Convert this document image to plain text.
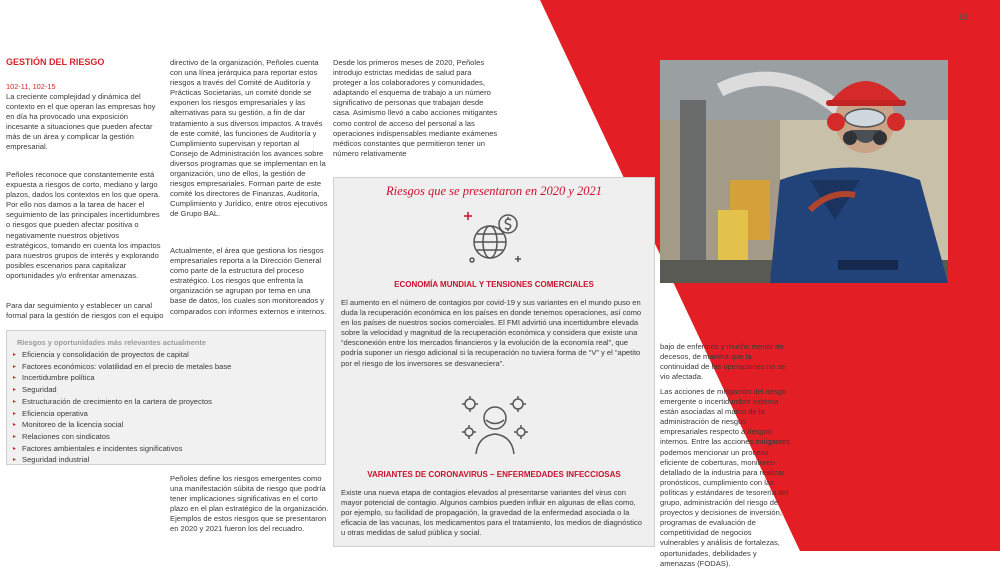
18
GESTIÓN DEL RIESGO
102-11, 102-15

La creciente complejidad y dinámica del contexto en el que operan las empresas hoy en día ha provocado una exposición incesante a situaciones que pueden afectar más de un área y complicar la gestión empresarial.

Peñoles reconoce que constantemente está expuesta a riesgos de corto, mediano y largo plazos, dados los contextos en los que opera. Por ello nos damos a la tarea de hacer el seguimiento de las principales incertidumbres o riesgos que pueden afectar positiva o negativamente nuestros objetivos estratégicos, tomando en cuenta los impactos para nuestros grupos de interés y explorando posibles escenarios para capitalizar oportunidades y/o enfrentar amenazas.

Para dar seguimiento y establecer un canal formal para la gestión de riesgos con el equipo

Riesgos y oportunidades más relevantes actualmente
▸ Eficiencia y consolidación de proyectos de capital
▸ Factores económicos: volatilidad en el precio de metales base
▸ Incertidumbre política
▸ Seguridad
▸ Estructuración de crecimiento en la cartera de proyectos
▸ Eficiencia operativa
▸ Monitoreo de la licencia social
▸ Relaciones con sindicatos
▸ Factores ambientales e incidentes significativos
▸ Seguridad industrial

directivo de la organización, Peñoles cuenta con una línea jerárquica para reportar estos riesgos a través del Comité de Auditoría y Prácticas Societarias, un comité donde se exponen los riesgos empresariales y las alternativas para su gestión, a fin de dar tratamiento a sus diversos impactos. A través de este comité, las funciones de Auditoría y Cumplimiento supervisan y reportan al Consejo de Administración los avances sobre diversos programas que se implementan en la organización, uno de ellos, la gestión de riesgos empresariales. Forman parte de este comité los directores de Finanzas, Auditoría, Cumplimiento y Jurídico, entre otros ejecutivos de Grupo BAL.

Actualmente, el área que gestiona los riesgos empresariales reporta a la Dirección General como parte de la estructura del proceso estratégico. Los riesgos que enfrenta la organización se agrupan por tema en una base de datos, los cuales son monitoreados y comparados con informes externos e internos.

Peñoles define los riesgos emergentes como una manifestación súbita de riesgo que podría tener implicaciones significativas en el corto plazo en el plan estratégico de la organización. Ejemplos de estos riesgos que se presentaron en 2020 y 2021 fueron los del recuadro.

Desde los primeros meses de 2020, Peñoles introdujo estrictas medidas de salud para proteger a los colaboradores y comunidades, adaptando el esquema de trabajo a un número significativo de personas que trabajan desde casa. Asimismo llevó a cabo acciones mitigantes como control de acceso del personal a las operaciones indispensables mediante exámenes médicos constantes que permitieron tener un número relativamente

Riesgos que se presentaron en 2020 y 2021
ECONOMÍA MUNDIAL Y TENSIONES COMERCIALES

El aumento en el número de contagios por covid-19 y sus variantes en el mundo puso en duda la recuperación económica en los países en donde tenemos operaciones, así como en los países de nuestros socios comerciales. El FMI advirtió una incertidumbre elevada sobre la velocidad y magnitud de la recuperación económica y considera que existe una “desconexión entre los mercados financieros y la evolución de la economía real”, que podría suponer un riesgo adicional si la recuperación no tuviera forma de “V” y el “apetito por el riesgo de los inversores se desvaneciera”.

VARIANTES DE CORONAVIRUS – ENFERMEDADES INFECCIOSAS

Existe una nueva etapa de contagios elevados al presentarse variantes del virus con mayor potencial de contagio. Algunos cambios pueden influir en algunas de ellas como, por ejemplo, su facilidad de propagación, la gravedad de la enfermedad asociada o la eficacia de las vacunas, los medicamentos para el tratamiento, los medios de diagnóstico u otras medidas de salud pública y social.

bajo de enfermos y mucho menor de decesos, de manera que la continuidad de las operaciones no se vio afectada.

Las acciones de mitigación del riesgo emergente o incertidumbre externa están asociadas al marco de la administración de riesgos empresariales respecto a riesgos internos. Entre las acciones mitigantes podemos mencionar un proceso eficiente de coberturas, monitoreo detallado de la industria para realizar pronósticos, cumplimiento con las políticas y estándares de tesorería del grupo, administración del riesgo de proyectos y decisiones de inversión, programas de evaluación de competitividad de negocios vulnerables y análisis de fortalezas, oportunidades, debilidades y amenazas (FODAS).
